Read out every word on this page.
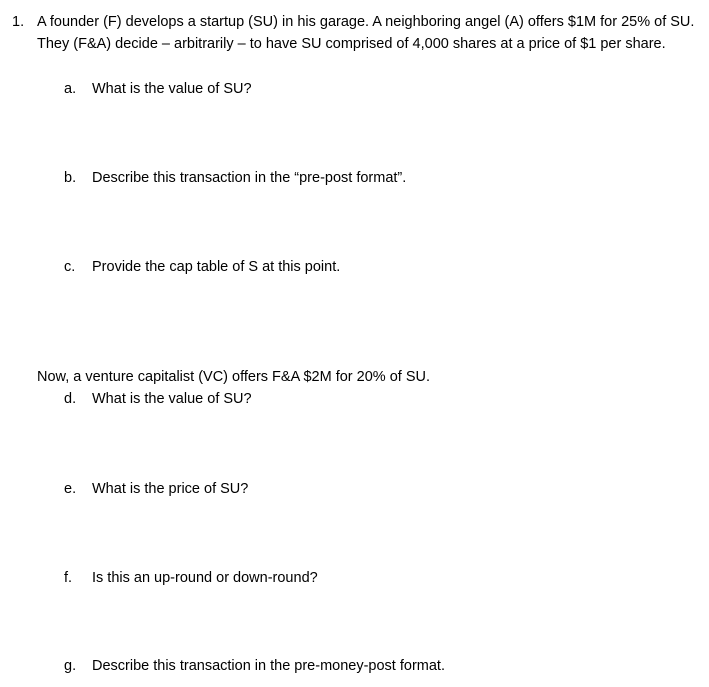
1. A founder (F) develops a startup (SU) in his garage. A neighboring angel (A) offers $1M for 25% of SU. They (F&A) decide – arbitrarily – to have SU comprised of 4,000 shares at a price of $1 per share.
a.	What is the value of SU?
b.	Describe this transaction in the “pre-post format”.
c.	Provide the cap table of S at this point.
Now, a venture capitalist (VC) offers F&A $2M for 20% of SU.
d.	What is the value of SU?
e.	What is the price of SU?
f.	Is this an up-round or down-round?
g.	Describe this transaction in the pre-money-post format.
